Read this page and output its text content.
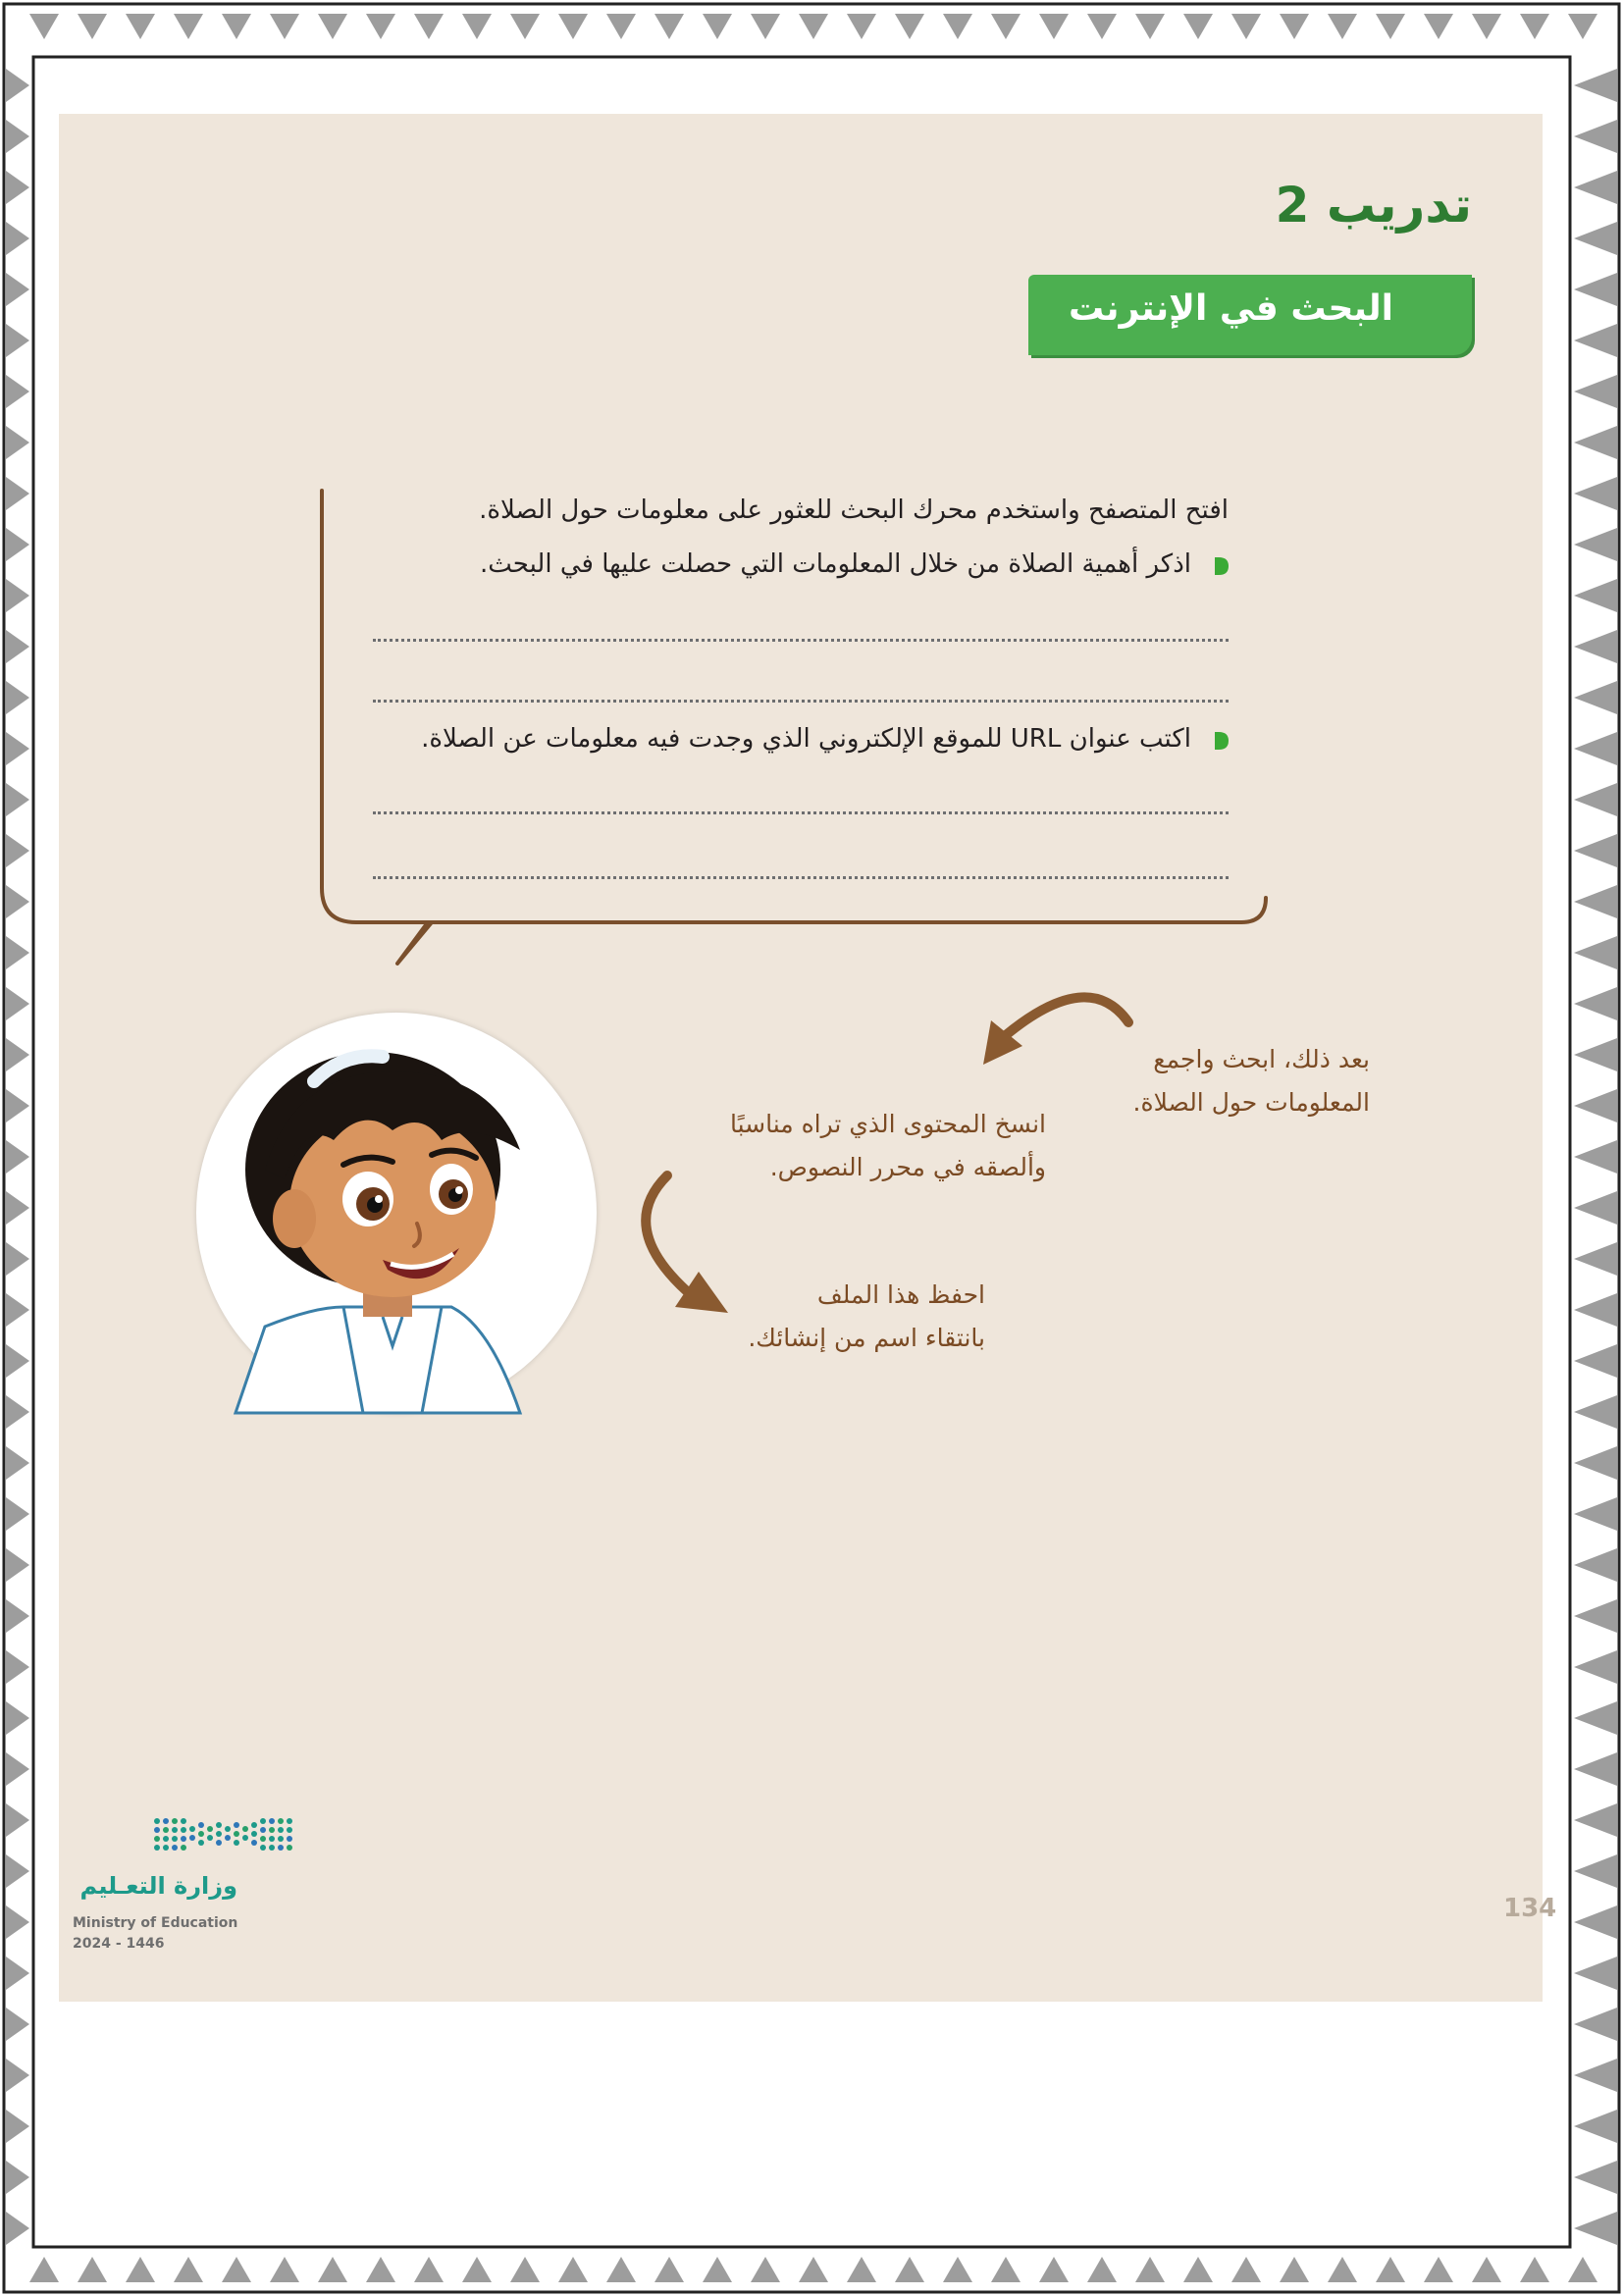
تدريب 2
البحث في الإنترنت
افتح المتصفح واستخدم محرك البحث للعثور على معلومات حول الصلاة.
اذكر أهمية الصلاة من خلال المعلومات التي حصلت عليها في البحث.
اكتب عنوان URL للموقع الإلكتروني الذي وجدت فيه معلومات عن الصلاة.
بعد ذلك، ابحث واجمع
المعلومات حول الصلاة.
انسخ المحتوى الذي تراه مناسبًا
وألصقه في محرر النصوص.
احفظ هذا الملف
بانتقاء اسم من إنشائك.
وزارة التعـليم
Ministry of Education
2024 - 1446
134
